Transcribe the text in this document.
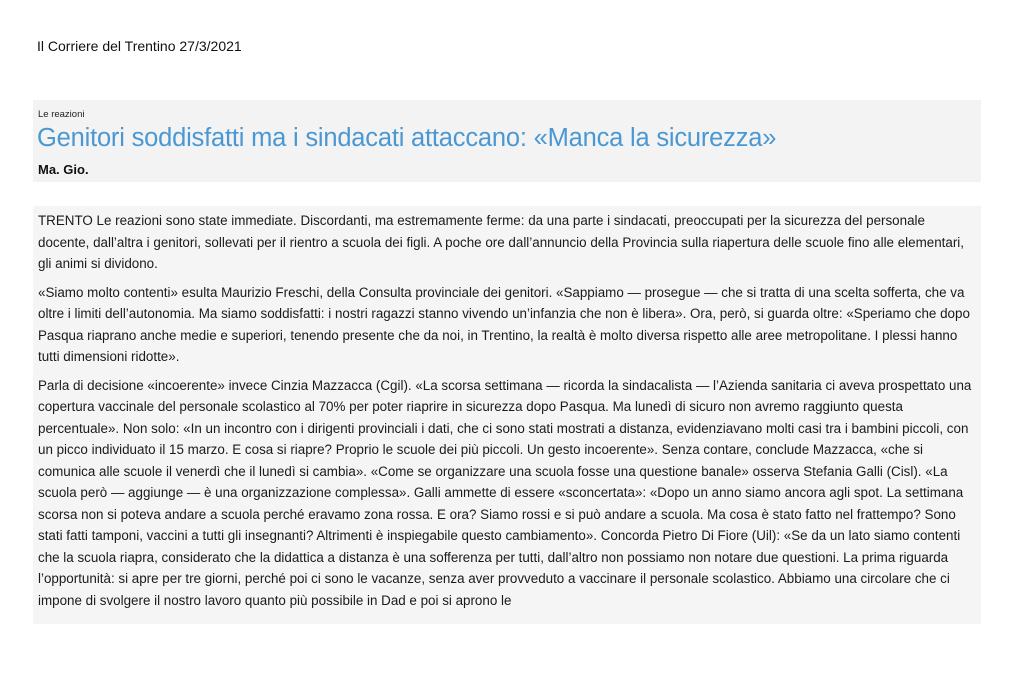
Il Corriere del Trentino 27/3/2021
Le reazioni
Genitori soddisfatti ma i sindacati attaccano: «Manca la sicurezza»
Ma. Gio.

TRENTO Le reazioni sono state immediate. Discordanti, ma estremamente ferme: da una parte i sindacati, preoccupati per la sicurezza del personale docente, dall’altra i genitori, sollevati per il rientro a scuola dei figli. A poche ore dall’annuncio della Provincia sulla riapertura delle scuole fino alle elementari, gli animi si dividono.

«Siamo molto contenti» esulta Maurizio Freschi, della Consulta provinciale dei genitori. «Sappiamo — prosegue — che si tratta di una scelta sofferta, che va oltre i limiti dell’autonomia. Ma siamo soddisfatti: i nostri ragazzi stanno vivendo un’infanzia che non è libera». Ora, però, si guarda oltre: «Speriamo che dopo Pasqua riaprano anche medie e superiori, tenendo presente che da noi, in Trentino, la realtà è molto diversa rispetto alle aree metropolitane. I plessi hanno tutti dimensioni ridotte».

Parla di decisione «incoerente» invece Cinzia Mazzacca (Cgil). «La scorsa settimana — ricorda la sindacalista — l’Azienda sanitaria ci aveva prospettato una copertura vaccinale del personale scolastico al 70% per poter riaprire in sicurezza dopo Pasqua. Ma lunedì di sicuro non avremo raggiunto questa percentuale». Non solo: «In un incontro con i dirigenti provinciali i dati, che ci sono stati mostrati a distanza, evidenziavano molti casi tra i bambini piccoli, con un picco individuato il 15 marzo. E cosa si riapre? Proprio le scuole dei più piccoli. Un gesto incoerente». Senza contare, conclude Mazzacca, «che si comunica alle scuole il venerdì che il lunedì si cambia». «Come se organizzare una scuola fosse una questione banale» osserva Stefania Galli (Cisl). «La scuola però — aggiunge — è una organizzazione complessa». Galli ammette di essere «sconcertata»: «Dopo un anno siamo ancora agli spot. La settimana scorsa non si poteva andare a scuola perché eravamo zona rossa. E ora? Siamo rossi e si può andare a scuola. Ma cosa è stato fatto nel frattempo? Sono stati fatti tamponi, vaccini a tutti gli insegnanti? Altrimenti è inspiegabile questo cambiamento». Concorda Pietro Di Fiore (Uil): «Se da un lato siamo contenti che la scuola riapra, considerato che la didattica a distanza è una sofferenza per tutti, dall’altro non possiamo non notare due questioni. La prima riguarda l’opportunità: si apre per tre giorni, perché poi ci sono le vacanze, senza aver provveduto a vaccinare il personale scolastico. Abbiamo una circolare che ci impone di svolgere il nostro lavoro quanto più possibile in Dad e poi si aprono le
